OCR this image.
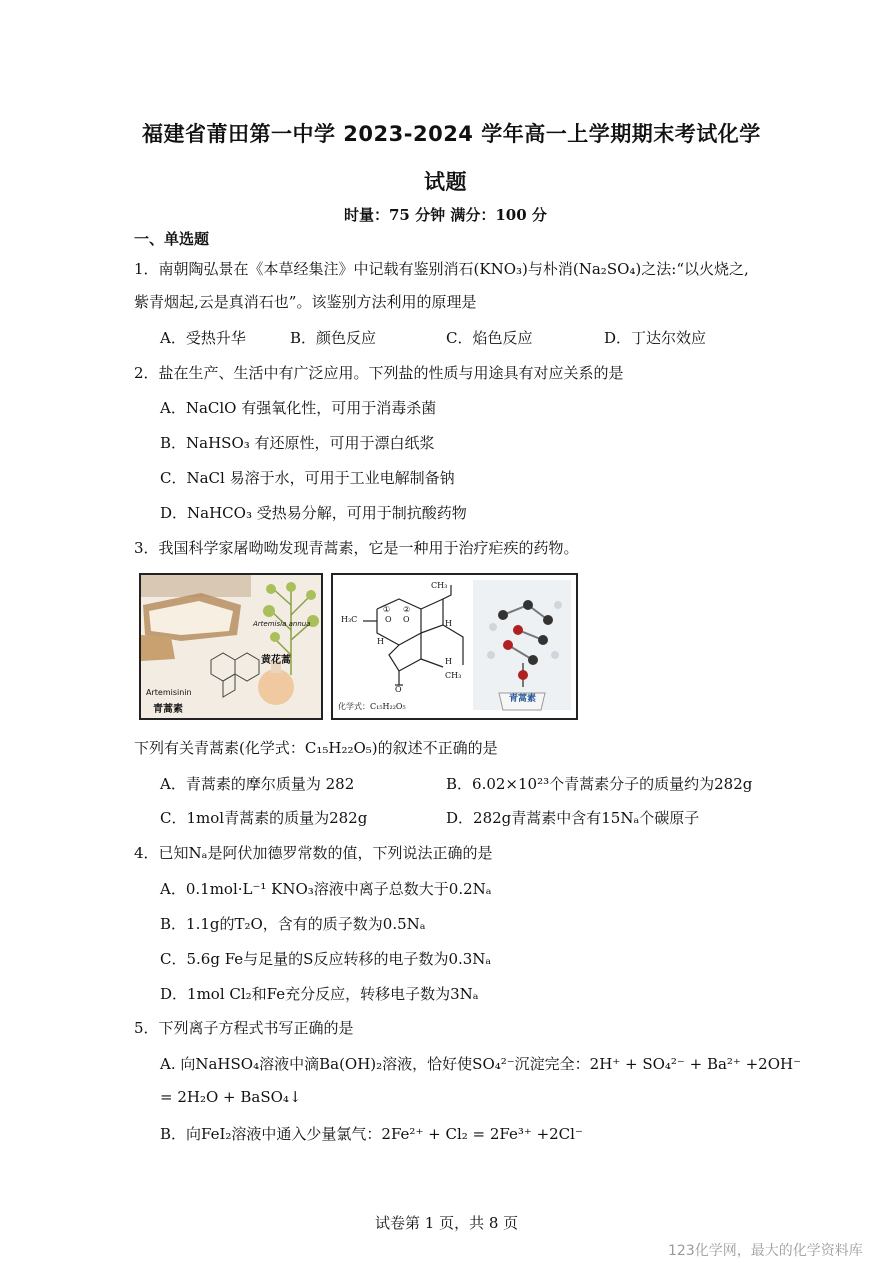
福建省莆田第一中学 2023-2024 学年高一上学期期末考试化学
试题
时量：75 分钟 满分：100 分
一、单选题
1．南朝陶弘景在《本草经集注》中记载有鉴别消石(KNO₃)与朴消(Na₂SO₄)之法:“以火烧之,
紫青烟起,云是真消石也”。该鉴别方法利用的原理是
A．受热升华	B．颜色反应	C．焰色反应	D．丁达尔效应
2．盐在生产、生活中有广泛应用。下列盐的性质与用途具有对应关系的是
A．NaClO 有强氧化性，可用于消毒杀菌
B．NaHSO₃ 有还原性，可用于漂白纸浆
C．NaCl 易溶于水，可用于工业电解制备钠
D．NaHCO₃ 受热易分解，可用于制抗酸药物
3．我国科学家屠呦呦发现青蒿素，它是一种用于治疗疟疾的药物。
Artemisia annua
黄花蒿
Artemisinin
青蒿素
CH₃
H₃C
CH₃
H
H
H
O O
O
① ②
化学式：C₁₅H₂₂O₅
青蒿素
下列有关青蒿素(化学式：C₁₅H₂₂O₅)的叙述不正确的是
A．青蒿素的摩尔质量为 282	B．6.02×10²³个青蒿素分子的质量约为282g
C．1mol青蒿素的质量为282g	D．282g青蒿素中含有15Nₐ个碳原子
4．已知Nₐ是阿伏加德罗常数的值，下列说法正确的是
A．0.1mol·L⁻¹ KNO₃溶液中离子总数大于0.2Nₐ
B．1.1g的T₂O，含有的质子数为0.5Nₐ
C．5.6g Fe与足量的S反应转移的电子数为0.3Nₐ
D．1mol Cl₂和Fe充分反应，转移电子数为3Nₐ
5．下列离子方程式书写正确的是
A. 向NaHSO₄溶液中滴Ba(OH)₂溶液，恰好使SO₄²⁻沉淀完全：2H⁺ + SO₄²⁻ + Ba²⁺ +2OH⁻
= 2H₂O + BaSO₄↓
B．向FeI₂溶液中通入少量氯气：2Fe²⁺ + Cl₂ = 2Fe³⁺ +2Cl⁻
试卷第 1 页，共 8 页
123化学网，最大的化学资料库
